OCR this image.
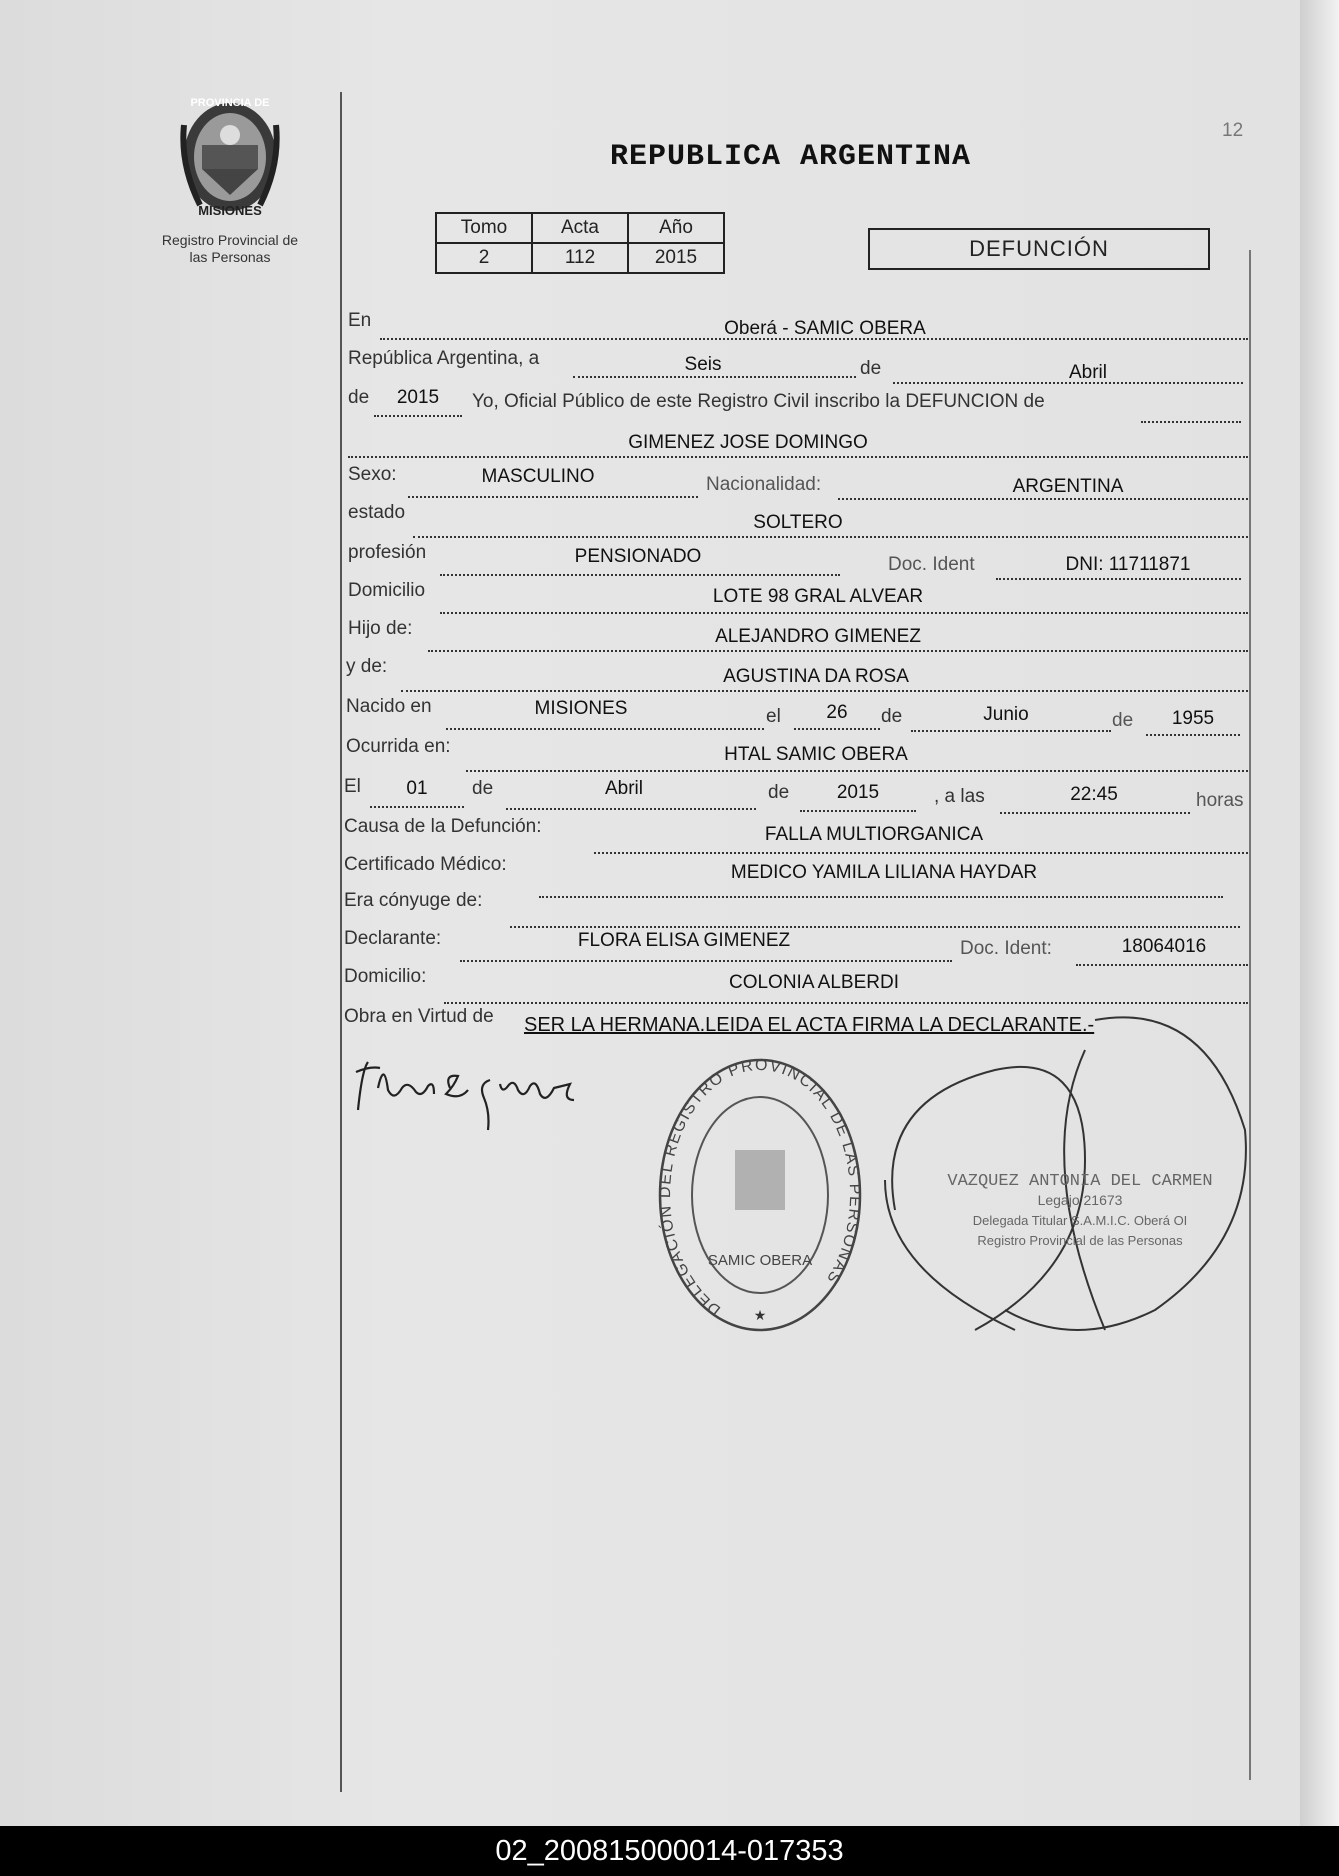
12
PROVINCIA DE
MISIONES
Registro Provincial de
las Personas
REPUBLICA ARGENTINA
Tomo	Acta	Año
2	112	2015	DEFUNCIÓN
En	Oberá - SAMIC OBERA
República Argentina, a	Seis	de	Abril
de	2015	Yo, Oficial Público de este Registro Civil inscribo la DEFUNCION de
GIMENEZ JOSE DOMINGO
Sexo:	MASCULINO	Nacionalidad:	ARGENTINA
estado	SOLTERO
profesión	PENSIONADO	Doc. Ident	DNI: 11711871
Domicilio	LOTE 98 GRAL ALVEAR
Hijo de:	ALEJANDRO GIMENEZ
y de:	AGUSTINA DA ROSA
Nacido en	MISIONES	el	26	de	Junio	de	1955
Ocurrida en:	HTAL SAMIC OBERA
El	01	de	Abril	de	2015	, a las	22:45	horas
Causa de la Defunción:	FALLA MULTIORGANICA
Certificado Médico:	MEDICO YAMILA LILIANA HAYDAR
Era cónyuge de:
Declarante:	FLORA ELISA GIMENEZ	Doc. Ident:	18064016
Domicilio:	COLONIA ALBERDI
Obra en Virtud de SER LA HERMANA.LEIDA EL ACTA FIRMA LA DECLARANTE.-
DELEGACIÓN DEL REGISTRO PROVINCIAL DE LAS PERSONAS
SAMIC OBERA
★
VAZQUEZ ANTONIA DEL CARMEN
Legajo 21673
Delegada Titular S.A.M.I.C. Oberá OI
Registro Provincial de las Personas
02_200815000014-017353
